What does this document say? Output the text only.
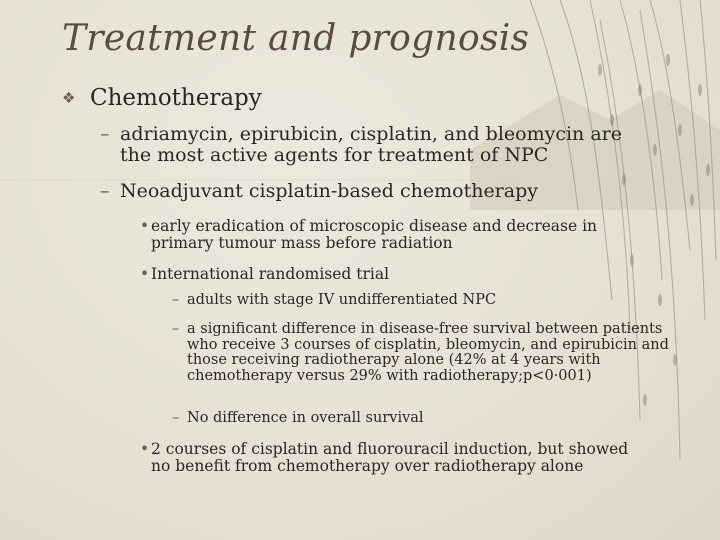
Treatment and prognosis
❖ Chemotherapy
– adriamycin, epirubicin, cisplatin, and bleomycin are the most active agents for treatment of NPC
– Neoadjuvant cisplatin-based chemotherapy
• early eradication of microscopic disease and decrease in primary tumour mass before radiation
• International randomised trial
– adults with stage IV undifferentiated NPC
– a significant difference in disease-free survival between patients who receive 3 courses of cisplatin, bleomycin, and epirubicin and those receiving radiotherapy alone (42% at 4 years with chemotherapy versus 29% with radiotherapy;p<0·001)
– No difference in overall survival
• 2 courses of cisplatin and fluorouracil induction, but showed no benefit from chemotherapy over radiotherapy alone
